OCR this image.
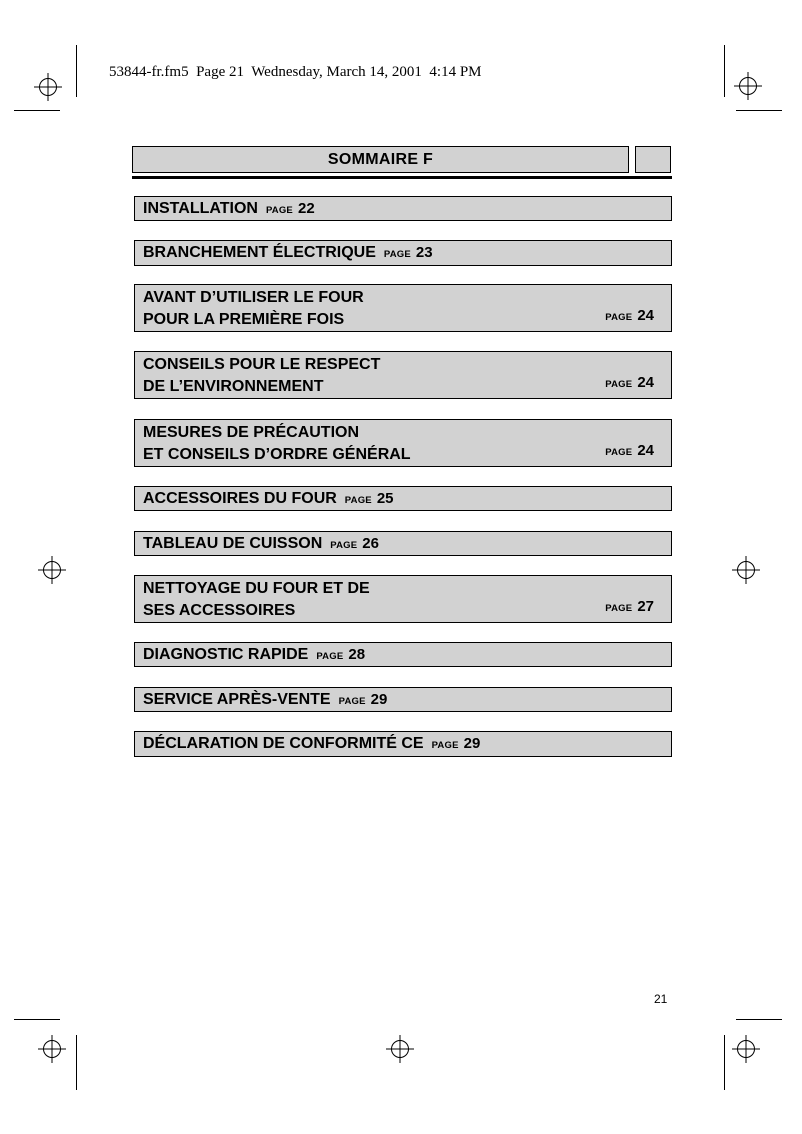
53844-fr.fm5  Page 21  Wednesday, March 14, 2001  4:14 PM
SOMMAIRE F
INSTALLATION PAGE 22
BRANCHEMENT ÉLECTRIQUE PAGE 23
AVANT D’UTILISER LE FOUR
POUR LA PREMIÈRE FOIS	PAGE 24
CONSEILS POUR LE RESPECT
DE L’ENVIRONNEMENT	PAGE 24
MESURES DE PRÉCAUTION
ET CONSEILS D’ORDRE GÉNÉRAL	PAGE 24
ACCESSOIRES DU FOUR PAGE 25
TABLEAU DE CUISSON PAGE 26
NETTOYAGE DU FOUR ET DE
SES ACCESSOIRES	PAGE 27
DIAGNOSTIC RAPIDE PAGE 28
SERVICE APRÈS-VENTE PAGE 29
DÉCLARATION DE CONFORMITÉ CE PAGE 29
21
